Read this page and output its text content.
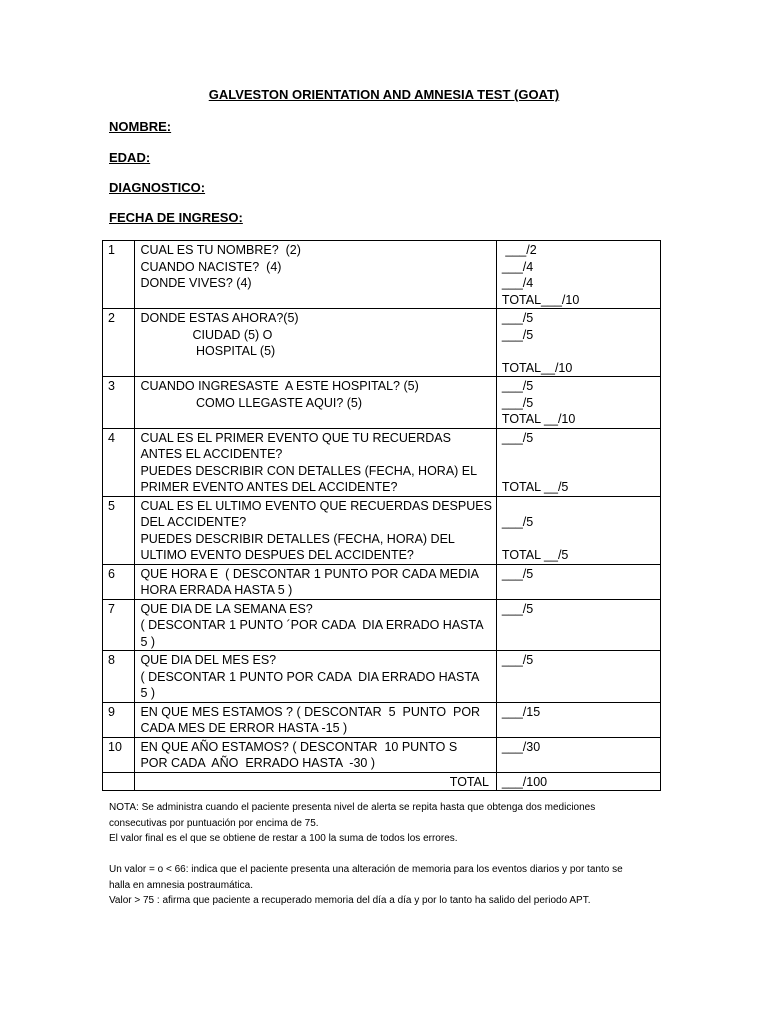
GALVESTON ORIENTATION AND AMNESIA TEST (GOAT)
NOMBRE:
EDAD:
DIAGNOSTICO:
FECHA DE INGRESO:
1	CUAL ES TU NOMBRE?  (2)
CUANDO NACISTE?  (4)
DONDE VIVES? (4)	___/2
___/4
___/4
TOTAL___/10

2	DONDE ESTAS AHORA?(5)
CIUDAD (5) O
HOSPITAL (5)	___/5
___/5
TOTAL__/10

3	CUANDO INGRESASTE  A ESTE HOSPITAL? (5)
COMO LLEGASTE AQUI? (5)	___/5
___/5
TOTAL __/10

4	CUAL ES EL PRIMER EVENTO QUE TU RECUERDAS
ANTES EL ACCIDENTE?
PUEDES DESCRIBIR CON DETALLES (FECHA, HORA) EL
PRIMER EVENTO ANTES DEL ACCIDENTE?	___/5
TOTAL __/5

5	CUAL ES EL ULTIMO EVENTO QUE RECUERDAS DESPUES
DEL ACCIDENTE?
PUEDES DESCRIBIR DETALLES (FECHA, HORA) DEL
ULTIMO EVENTO DESPUES DEL ACCIDENTE?	___/5
TOTAL __/5

6	QUE HORA E  ( DESCONTAR 1 PUNTO POR CADA MEDIA
HORA ERRADA HASTA 5 )	___/5

7	QUE DIA DE LA SEMANA ES?
( DESCONTAR 1 PUNTO ´POR CADA  DIA ERRADO HASTA
5 )	___/5

8	QUE DIA DEL MES ES?
( DESCONTAR 1 PUNTO POR CADA  DIA ERRADO HASTA
5 )	___/5

9	EN QUE MES ESTAMOS ? ( DESCONTAR  5  PUNTO  POR
CADA MES DE ERROR HASTA -15 )	___/15

10	EN QUE AÑO ESTAMOS? ( DESCONTAR  10 PUNTO S
POR CADA  AÑO  ERRADO HASTA  -30 )	___/30

	TOTAL	___/100
NOTA: Se administra cuando el paciente presenta nivel de alerta se repita hasta que obtenga dos mediciones
consecutivas por puntuación por encima de 75.
El valor final es el que se obtiene de restar a 100 la suma de todos los errores.
Un valor = o < 66: indica que el paciente presenta una alteración de memoria para los eventos diarios y por tanto se
halla en amnesia postraumática.
Valor > 75 : afirma que paciente a recuperado memoria del día a día y por lo tanto ha salido del periodo APT.
